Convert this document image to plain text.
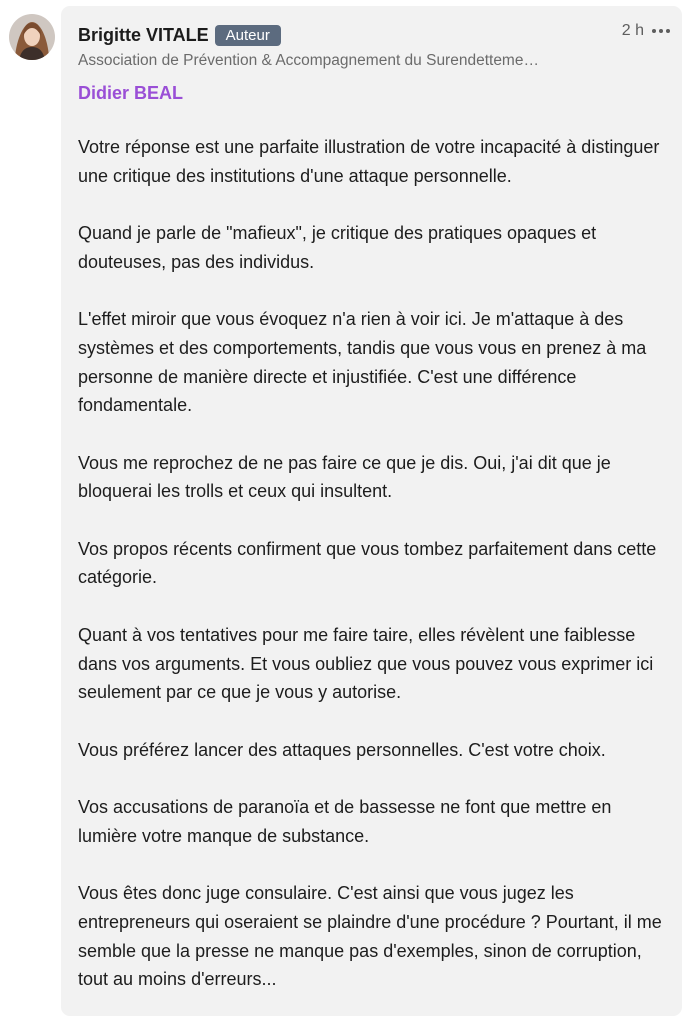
Brigitte VITALE	Auteur	2 h
Association de Prévention & Accompagnement du Surendetteme…
Didier BEAL

Votre réponse est une parfaite illustration de votre incapacité à distinguer une critique des institutions d'une attaque personnelle.

Quand je parle de "mafieux", je critique des pratiques opaques et douteuses, pas des individus.

L'effet miroir que vous évoquez n'a rien à voir ici. Je m'attaque à des systèmes et des comportements, tandis que vous vous en prenez à ma personne de manière directe et injustifiée. C'est une différence fondamentale.

Vous me reprochez de ne pas faire ce que je dis. Oui, j'ai dit que je bloquerai les trolls et ceux qui insultent.

Vos propos récents confirment que vous tombez parfaitement dans cette catégorie.

Quant à vos tentatives pour me faire taire, elles révèlent une faiblesse dans vos arguments. Et vous oubliez que vous pouvez vous exprimer ici seulement par ce que je vous y autorise.

Vous préférez lancer des attaques personnelles. C'est votre choix.

Vos accusations de paranoïa et de bassesse ne font que mettre en lumière votre manque de substance.

Vous êtes donc juge consulaire. C'est ainsi que vous jugez les entrepreneurs qui oseraient se plaindre d'une procédure ? Pourtant, il me semble que la presse ne manque pas d'exemples, sinon de corruption, tout au moins d'erreurs...
